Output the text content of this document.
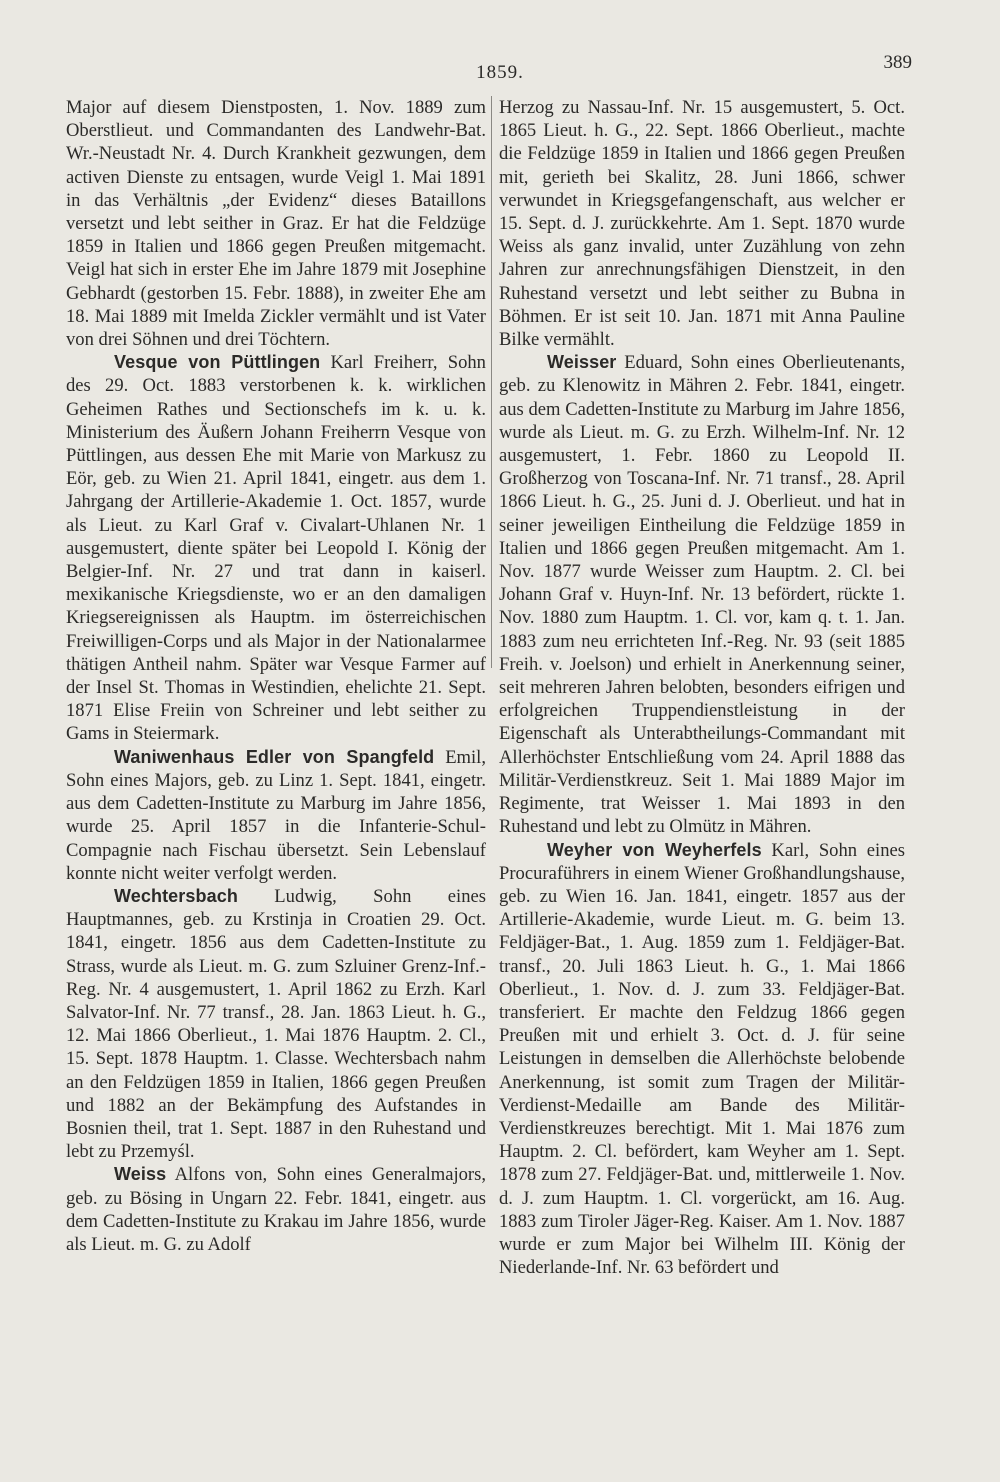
1859.	389

Major auf diesem Dienstposten, 1. Nov. 1889 zum Oberstlieut. und Commandanten des Landwehr-Bat. Wr.-Neustadt Nr. 4. Durch Krankheit gezwungen, dem activen Dienste zu entsagen, wurde Veigl 1. Mai 1891 in das Verhältnis „der Evidenz“ dieses Bataillons versetzt und lebt seither in Graz. Er hat die Feldzüge 1859 in Italien und 1866 gegen Preußen mitgemacht. Veigl hat sich in erster Ehe im Jahre 1879 mit Josephine Gebhardt (gestorben 15. Febr. 1888), in zweiter Ehe am 18. Mai 1889 mit Imelda Zickler vermählt und ist Vater von drei Söhnen und drei Töchtern.

Vesque von Püttlingen Karl Freiherr, Sohn des 29. Oct. 1883 verstorbenen k. k. wirklichen Geheimen Rathes und Sectionschefs im k. u. k. Ministerium des Äußern Johann Freiherrn Vesque von Püttlingen, aus dessen Ehe mit Marie von Markusz zu Eör, geb. zu Wien 21. April 1841, eingetr. aus dem 1. Jahrgang der Artillerie-Akademie 1. Oct. 1857, wurde als Lieut. zu Karl Graf v. Civalart-Uhlanen Nr. 1 ausgemustert, diente später bei Leopold I. König der Belgier-Inf. Nr. 27 und trat dann in kaiserl. mexikanische Kriegsdienste, wo er an den damaligen Kriegsereignissen als Hauptm. im österreichischen Freiwilligen-Corps und als Major in der Nationalarmee thätigen Antheil nahm. Später war Vesque Farmer auf der Insel St. Thomas in Westindien, ehelichte 21. Sept. 1871 Elise Freiin von Schreiner und lebt seither zu Gams in Steiermark.

Waniwenhaus Edler von Spangfeld Emil, Sohn eines Majors, geb. zu Linz 1. Sept. 1841, eingetr. aus dem Cadetten-Institute zu Marburg im Jahre 1856, wurde 25. April 1857 in die Infanterie-Schul-Compagnie nach Fischau übersetzt. Sein Lebenslauf konnte nicht weiter verfolgt werden.

Wechtersbach Ludwig, Sohn eines Hauptmannes, geb. zu Krstinja in Croatien 29. Oct. 1841, eingetr. 1856 aus dem Cadetten-Institute zu Strass, wurde als Lieut. m. G. zum Szluiner Grenz-Inf.-Reg. Nr. 4 ausgemustert, 1. April 1862 zu Erzh. Karl Salvator-Inf. Nr. 77 transf., 28. Jan. 1863 Lieut. h. G., 12. Mai 1866 Oberlieut., 1. Mai 1876 Hauptm. 2. Cl., 15. Sept. 1878 Hauptm. 1. Classe. Wechtersbach nahm an den Feldzügen 1859 in Italien, 1866 gegen Preußen und 1882 an der Bekämpfung des Aufstandes in Bosnien theil, trat 1. Sept. 1887 in den Ruhestand und lebt zu Przemyśl.

Weiss Alfons von, Sohn eines Generalmajors, geb. zu Bösing in Ungarn 22. Febr. 1841, eingetr. aus dem Cadetten-Institute zu Krakau im Jahre 1856, wurde als Lieut. m. G. zu Adolf

Herzog zu Nassau-Inf. Nr. 15 ausgemustert, 5. Oct. 1865 Lieut. h. G., 22. Sept. 1866 Oberlieut., machte die Feldzüge 1859 in Italien und 1866 gegen Preußen mit, gerieth bei Skalitz, 28. Juni 1866, schwer verwundet in Kriegsgefangenschaft, aus welcher er 15. Sept. d. J. zurückkehrte. Am 1. Sept. 1870 wurde Weiss als ganz invalid, unter Zuzählung von zehn Jahren zur anrechnungsfähigen Dienstzeit, in den Ruhestand versetzt und lebt seither zu Bubna in Böhmen. Er ist seit 10. Jan. 1871 mit Anna Pauline Bilke vermählt.

Weisser Eduard, Sohn eines Oberlieutenants, geb. zu Klenowitz in Mähren 2. Febr. 1841, eingetr. aus dem Cadetten-Institute zu Marburg im Jahre 1856, wurde als Lieut. m. G. zu Erzh. Wilhelm-Inf. Nr. 12 ausgemustert, 1. Febr. 1860 zu Leopold II. Großherzog von Toscana-Inf. Nr. 71 transf., 28. April 1866 Lieut. h. G., 25. Juni d. J. Oberlieut. und hat in seiner jeweiligen Eintheilung die Feldzüge 1859 in Italien und 1866 gegen Preußen mitgemacht. Am 1. Nov. 1877 wurde Weisser zum Hauptm. 2. Cl. bei Johann Graf v. Huyn-Inf. Nr. 13 befördert, rückte 1. Nov. 1880 zum Hauptm. 1. Cl. vor, kam q. t. 1. Jan. 1883 zum neu errichteten Inf.-Reg. Nr. 93 (seit 1885 Freih. v. Joelson) und erhielt in Anerkennung seiner, seit mehreren Jahren belobten, besonders eifrigen und erfolgreichen Truppendienstleistung in der Eigenschaft als Unterabtheilungs-Commandant mit Allerhöchster Entschließung vom 24. April 1888 das Militär-Verdienstkreuz. Seit 1. Mai 1889 Major im Regimente, trat Weisser 1. Mai 1893 in den Ruhestand und lebt zu Olmütz in Mähren.

Weyher von Weyherfels Karl, Sohn eines Procuraführers in einem Wiener Großhandlungshause, geb. zu Wien 16. Jan. 1841, eingetr. 1857 aus der Artillerie-Akademie, wurde Lieut. m. G. beim 13. Feldjäger-Bat., 1. Aug. 1859 zum 1. Feldjäger-Bat. transf., 20. Juli 1863 Lieut. h. G., 1. Mai 1866 Oberlieut., 1. Nov. d. J. zum 33. Feldjäger-Bat. transferiert. Er machte den Feldzug 1866 gegen Preußen mit und erhielt 3. Oct. d. J. für seine Leistungen in demselben die Allerhöchste belobende Anerkennung, ist somit zum Tragen der Militär-Verdienst-Medaille am Bande des Militär-Verdienstkreuzes berechtigt. Mit 1. Mai 1876 zum Hauptm. 2. Cl. befördert, kam Weyher am 1. Sept. 1878 zum 27. Feldjäger-Bat. und, mittlerweile 1. Nov. d. J. zum Hauptm. 1. Cl. vorgerückt, am 16. Aug. 1883 zum Tiroler Jäger-Reg. Kaiser. Am 1. Nov. 1887 wurde er zum Major bei Wilhelm III. König der Niederlande-Inf. Nr. 63 befördert und
